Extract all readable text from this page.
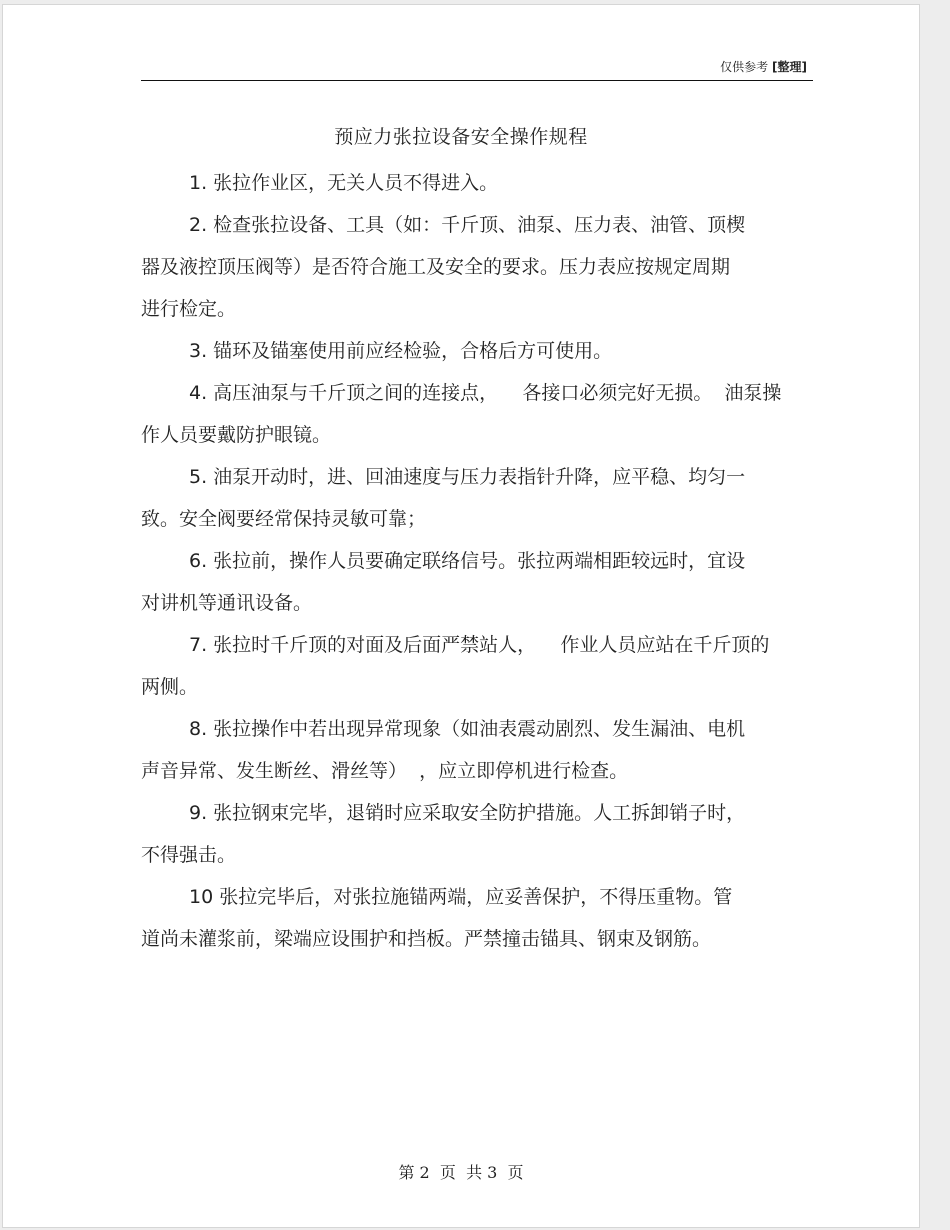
仅供参考 [整理]
预应力张拉设备安全操作规程

1. 张拉作业区，无关人员不得进入。

2. 检查张拉设备、工具（如：千斤顶、油泵、压力表、油管、顶楔
器及液控顶压阀等）是否符合施工及安全的要求。压力表应按规定周期
进行检定。

3. 锚环及锚塞使用前应经检验，合格后方可使用。

4. 高压油泵与千斤顶之间的连接点，    各接口必须完好无损。  油泵操
作人员要戴防护眼镜。

5. 油泵开动时，进、回油速度与压力表指针升降，应平稳、均匀一
致。安全阀要经常保持灵敏可靠；

6. 张拉前，操作人员要确定联络信号。张拉两端相距较远时，宜设
对讲机等通讯设备。

7. 张拉时千斤顶的对面及后面严禁站人，    作业人员应站在千斤顶的
两侧。

8. 张拉操作中若出现异常现象（如油表震动剧烈、发生漏油、电机
声音异常、发生断丝、滑丝等）  ，应立即停机进行检查。

9. 张拉钢束完毕，退销时应采取安全防护措施。人工拆卸销子时，
不得强击。

10 张拉完毕后，对张拉施锚两端，应妥善保护，不得压重物。管
道尚未灌浆前，梁端应设围护和挡板。严禁撞击锚具、钢束及钢筋。

第 2  页  共 3  页
